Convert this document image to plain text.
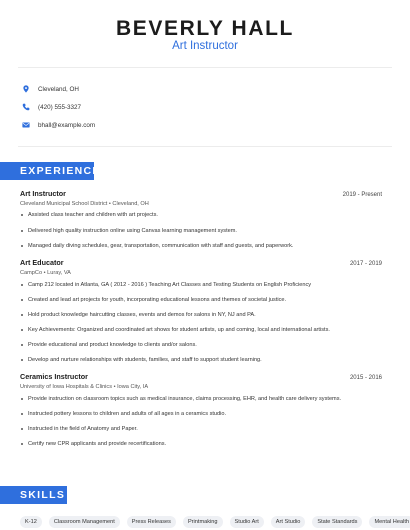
BEVERLY HALL
Art Instructor
Cleveland, OH
(420) 555-3327
bhall@example.com
EXPERIENCE
Art Instructor	2019 - Present
Cleveland Municipal School District • Cleveland, OH
Assisted class teacher and children with art projects.
Delivered high quality instruction online using Canvas learning management system.
Managed daily diving schedules, gear, transportation, communication with staff and guests, and paperwork.
Art Educator	2017 - 2019
CampCo • Luray, VA
Camp 212 located in Atlanta, GA ( 2012 - 2016 ) Teaching Art Classes and Testing Students on English Proficiency
Created and lead art projects for youth, incorporating educational lessons and themes of societal justice.
Hold product knowledge haircutting classes, events and demos for salons in NY, NJ and PA.
Key Achievements: Organized and coordinated art shows for student artists, up and coming, local and international artists.
Provide educational and product knowledge to clients and/or salons.
Develop and nurture relationships with students, families, and staff to support student learning.
Ceramics Instructor	2015 - 2016
University of Iowa Hospitals & Clinics • Iowa City, IA
Provide instruction on classroom topics such as medical insurance, claims processing, EHR, and health care delivery systems.
Instructed pottery lessons to children and adults of all ages in a ceramics studio.
Instructed in the field of Anatomy and Paper.
Certify new CPR applicants and provide recertifications.
SKILLS
K-12	Classroom Management	Press Releases	Printmaking	Studio Art	Art Studio	State Standards	Mental Health
